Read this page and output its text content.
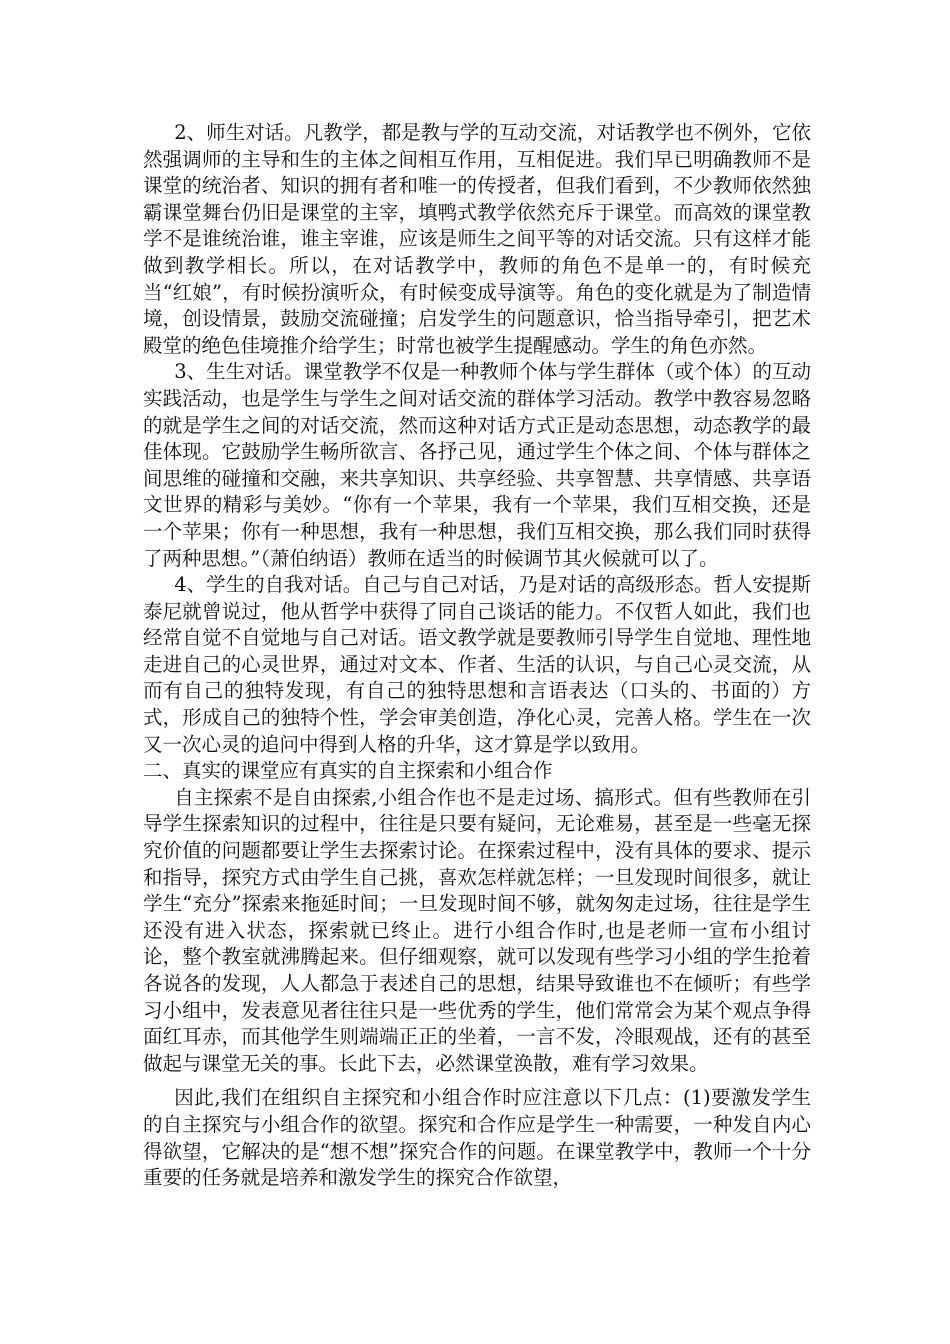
2、师生对话。凡教学，都是教与学的互动交流，对话教学也不例外，它依然强调师的主导和生的主体之间相互作用，互相促进。我们早已明确教师不是课堂的统治者、知识的拥有者和唯一的传授者，但我们看到，不少教师依然独霸课堂舞台仍旧是课堂的主宰，填鸭式教学依然充斥于课堂。而高效的课堂教学不是谁统治谁，谁主宰谁，应该是师生之间平等的对话交流。只有这样才能做到教学相长。所以，在对话教学中，教师的角色不是单一的，有时候充当“红娘”，有时候扮演听众，有时候变成导演等。角色的变化就是为了制造情境，创设情景，鼓励交流碰撞；启发学生的问题意识，恰当指导牵引，把艺术殿堂的绝色佳境推介给学生；时常也被学生提醒感动。学生的角色亦然。

3、生生对话。课堂教学不仅是一种教师个体与学生群体（或个体）的互动实践活动，也是学生与学生之间对话交流的群体学习活动。教学中教容易忽略的就是学生之间的对话交流，然而这种对话方式正是动态思想，动态教学的最佳体现。它鼓励学生畅所欲言、各抒己见，通过学生个体之间、个体与群体之间思维的碰撞和交融，来共享知识、共享经验、共享智慧、共享情感、共享语文世界的精彩与美妙。“你有一个苹果，我有一个苹果，我们互相交换，还是一个苹果；你有一种思想，我有一种思想，我们互相交换，那么我们同时获得了两种思想。”（萧伯纳语）教师在适当的时候调节其火候就可以了。

4、学生的自我对话。自己与自己对话，乃是对话的高级形态。哲人安提斯泰尼就曾说过，他从哲学中获得了同自己谈话的能力。不仅哲人如此，我们也经常自觉不自觉地与自己对话。语文教学就是要教师引导学生自觉地、理性地走进自己的心灵世界，通过对文本、作者、生活的认识，与自己心灵交流，从而有自己的独特发现，有自己的独特思想和言语表达（口头的、书面的）方式，形成自己的独特个性，学会审美创造，净化心灵，完善人格。学生在一次又一次心灵的追问中得到人格的升华，这才算是学以致用。

二、真实的课堂应有真实的自主探索和小组合作

自主探索不是自由探索,小组合作也不是走过场、搞形式。但有些教师在引导学生探索知识的过程中，往往是只要有疑问，无论难易，甚至是一些毫无探究价值的问题都要让学生去探索讨论。在探索过程中，没有具体的要求、提示和指导，探究方式由学生自己挑，喜欢怎样就怎样；一旦发现时间很多，就让学生“充分”探索来拖延时间；一旦发现时间不够，就匆匆走过场，往往是学生还没有进入状态，探索就已终止。进行小组合作时,也是老师一宣布小组讨论，整个教室就沸腾起来。但仔细观察，就可以发现有些学习小组的学生抢着各说各的发现，人人都急于表述自己的思想，结果导致谁也不在倾听；有些学习小组中，发表意见者往往只是一些优秀的学生，他们常常会为某个观点争得面红耳赤，而其他学生则端端正正的坐着，一言不发，冷眼观战，还有的甚至做起与课堂无关的事。长此下去，必然课堂涣散，难有学习效果。

因此,我们在组织自主探究和小组合作时应注意以下几点：(1)要激发学生的自主探究与小组合作的欲望。探究和合作应是学生一种需要，一种发自内心得欲望，它解决的是“想不想”探究合作的问题。在课堂教学中，教师一个十分重要的任务就是培养和激发学生的探究合作欲望，
